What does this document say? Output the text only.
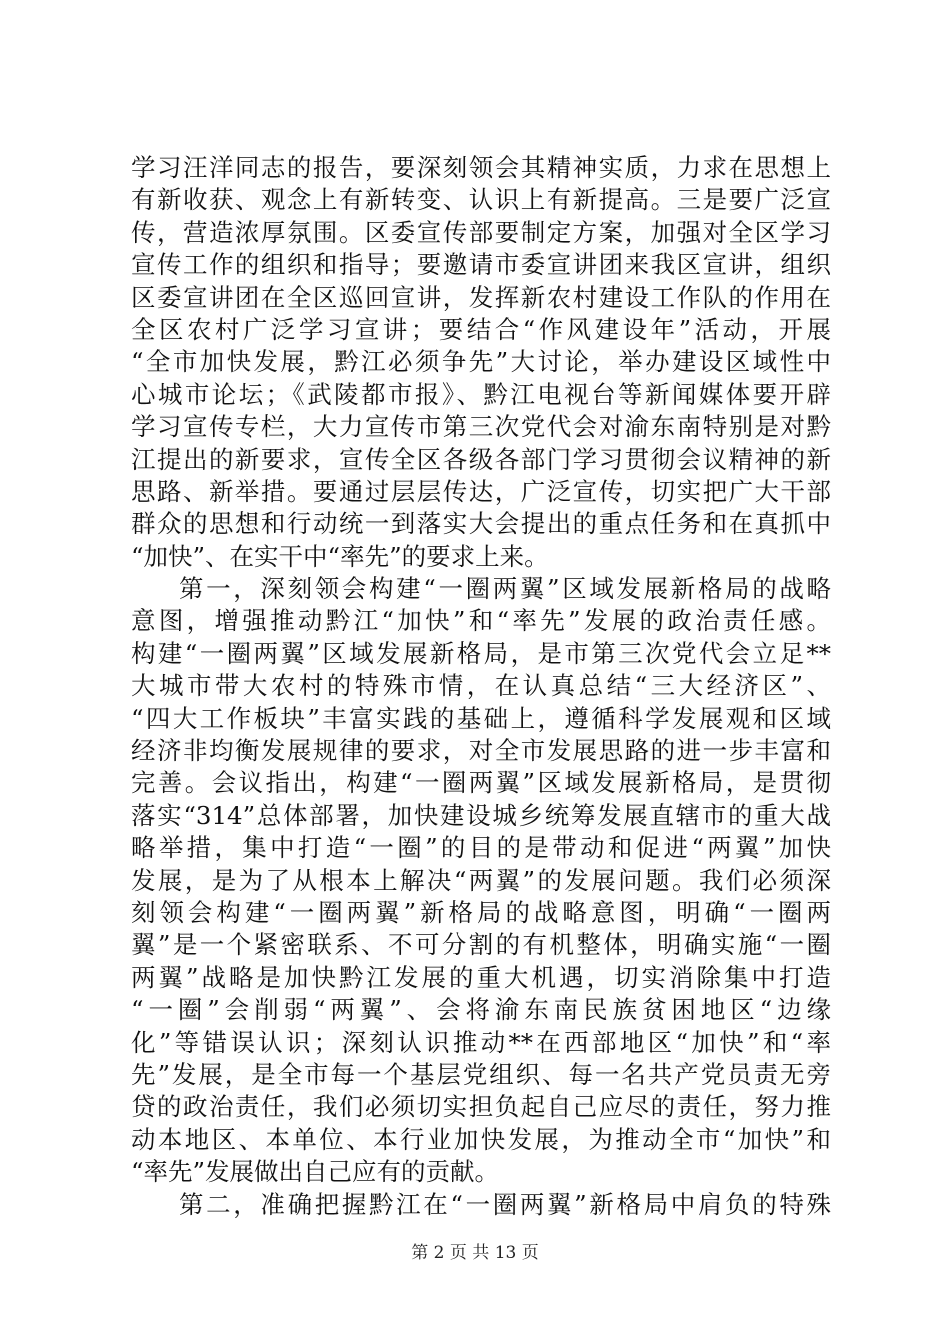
学习汪洋同志的报告，要深刻领会其精神实质，力求在思想上
有新收获、观念上有新转变、认识上有新提高。三是要广泛宣
传，营造浓厚氛围。区委宣传部要制定方案，加强对全区学习
宣传工作的组织和指导；要邀请市委宣讲团来我区宣讲，组织
区委宣讲团在全区巡回宣讲，发挥新农村建设工作队的作用在
全区农村广泛学习宣讲；要结合“作风建设年”活动，开展
“全市加快发展，黔江必须争先”大讨论，举办建设区域性中
心城市论坛；《武陵都市报》、黔江电视台等新闻媒体要开辟
学习宣传专栏，大力宣传市第三次党代会对渝东南特别是对黔
江提出的新要求，宣传全区各级各部门学习贯彻会议精神的新
思路、新举措。要通过层层传达，广泛宣传，切实把广大干部
群众的思想和行动统一到落实大会提出的重点任务和在真抓中
“加快”、在实干中“率先”的要求上来。
第一，深刻领会构建“一圈两翼”区域发展新格局的战略
意图，增强推动黔江“加快”和“率先”发展的政治责任感。
构建“一圈两翼”区域发展新格局，是市第三次党代会立足**
大城市带大农村的特殊市情，在认真总结“三大经济区”、
“四大工作板块”丰富实践的基础上，遵循科学发展观和区域
经济非均衡发展规律的要求，对全市发展思路的进一步丰富和
完善。会议指出，构建“一圈两翼”区域发展新格局，是贯彻
落实“314”总体部署，加快建设城乡统筹发展直辖市的重大战
略举措，集中打造“一圈”的目的是带动和促进“两翼”加快
发展，是为了从根本上解决“两翼”的发展问题。我们必须深
刻领会构建“一圈两翼”新格局的战略意图，明确“一圈两
翼”是一个紧密联系、不可分割的有机整体，明确实施“一圈
两翼”战略是加快黔江发展的重大机遇，切实消除集中打造
“一圈”会削弱“两翼”、会将渝东南民族贫困地区“边缘
化”等错误认识；深刻认识推动**在西部地区“加快”和“率
先”发展，是全市每一个基层党组织、每一名共产党员责无旁
贷的政治责任，我们必须切实担负起自己应尽的责任，努力推
动本地区、本单位、本行业加快发展，为推动全市“加快”和
“率先”发展做出自己应有的贡献。
第二，准确把握黔江在“一圈两翼”新格局中肩负的特殊
第 2 页 共 13 页
